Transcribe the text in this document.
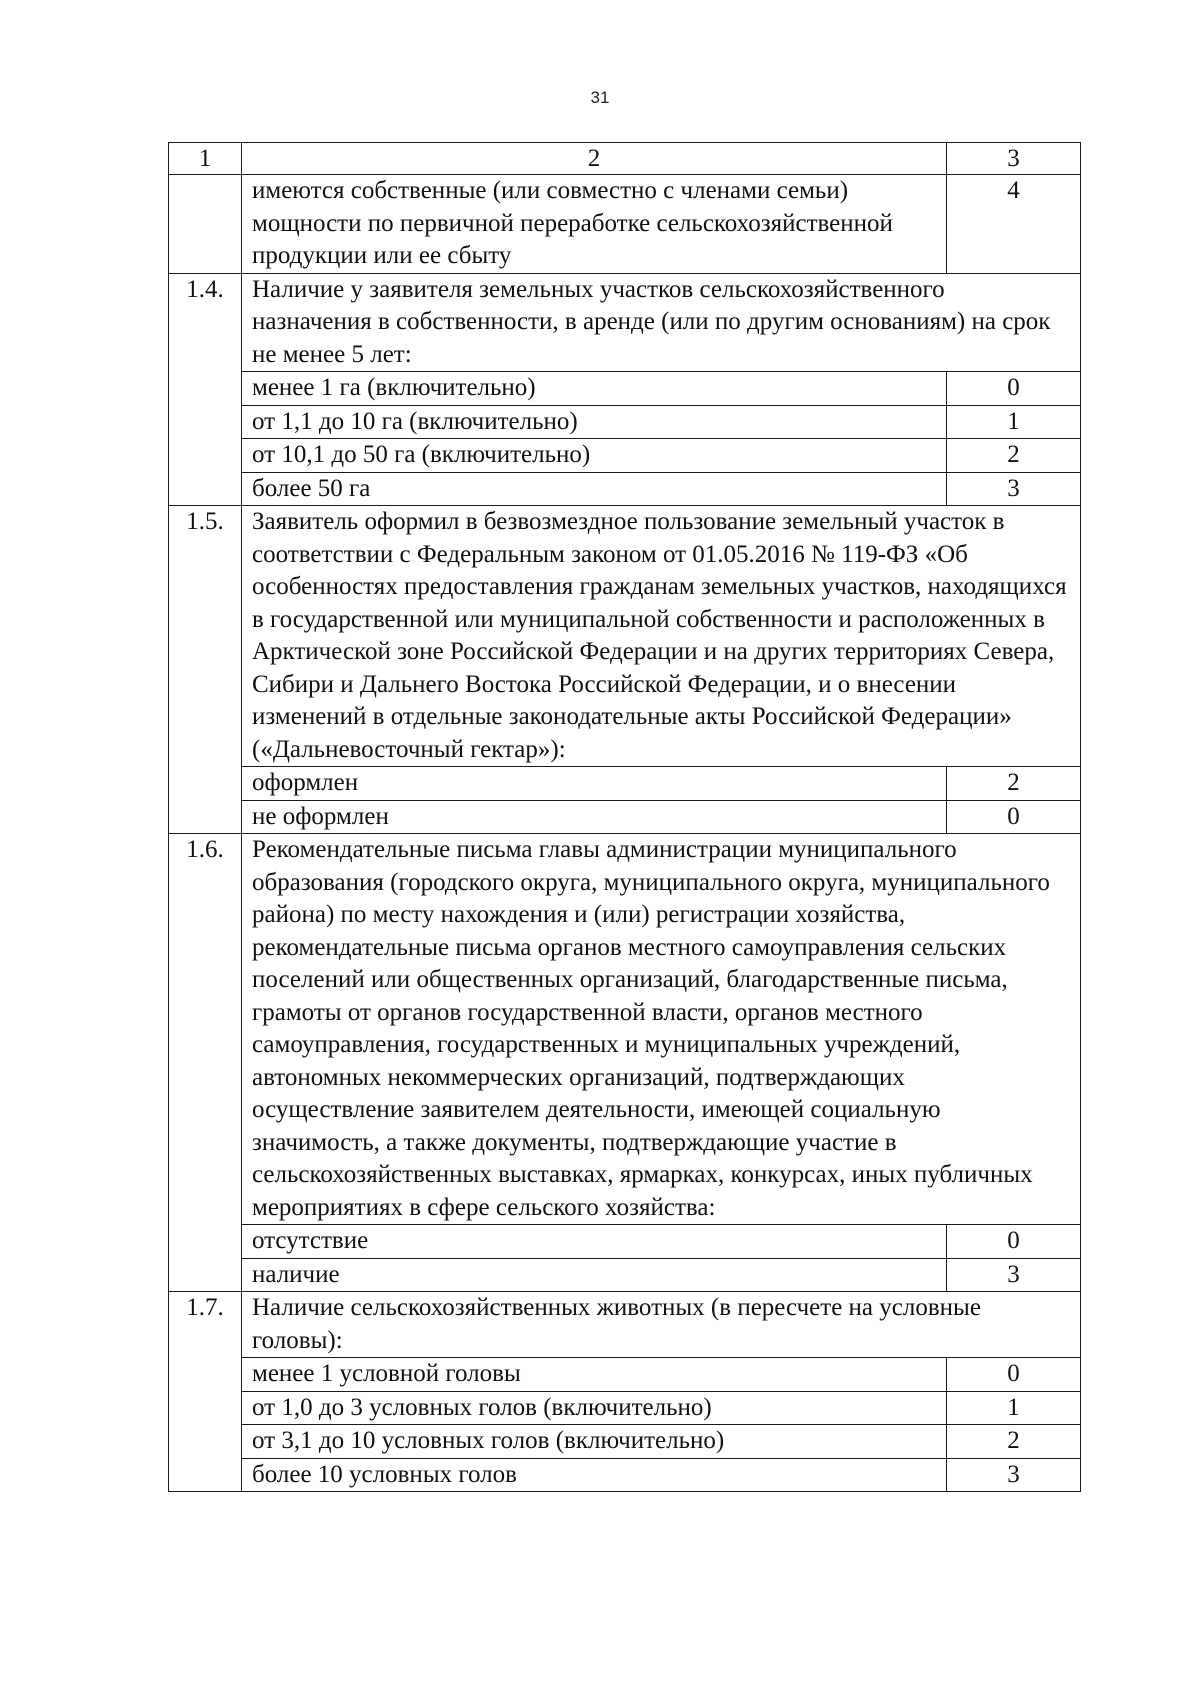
31
1	2	3
	имеются собственные (или совместно с членами семьи) мощности по первичной переработке сельскохозяйственной продукции или ее сбыту	4
1.4.	Наличие у заявителя земельных участков сельскохозяйственного назначения в собственности, в аренде (или по другим основаниям) на срок не менее 5 лет:	
	менее 1 га (включительно)	0
	от 1,1 до 10 га (включительно)	1
	от 10,1 до 50 га (включительно)	2
	более 50 га	3
1.5.	Заявитель оформил в безвозмездное пользование земельный участок в соответствии с Федеральным законом от 01.05.2016 № 119-ФЗ «Об особенностях предоставления гражданам земельных участков, находящихся в государственной или муниципальной собственности и расположенных в Арктической зоне Российской Федерации и на других территориях Севера, Сибири и Дальнего Востока Российской Федерации, и о внесении изменений в отдельные законодательные акты Российской Федерации» («Дальневосточный гектар»):	
	оформлен	2
	не оформлен	0
1.6.	Рекомендательные письма главы администрации муниципального образования (городского округа, муниципального округа, муниципального района) по месту нахождения и (или) регистрации хозяйства, рекомендательные письма органов местного самоуправления сельских поселений или общественных организаций, благодарственные письма, грамоты от органов государственной власти, органов местного самоуправления, государственных и муниципальных учреждений, автономных некоммерческих организаций, подтверждающих осуществление заявителем деятельности, имеющей социальную значимость, а также документы, подтверждающие участие в сельскохозяйственных выставках, ярмарках, конкурсах, иных публичных мероприятиях в сфере сельского хозяйства:	
	отсутствие	0
	наличие	3
1.7.	Наличие сельскохозяйственных животных (в пересчете на условные головы):	
	менее 1 условной головы	0
	от 1,0 до 3 условных голов (включительно)	1
	от 3,1 до 10 условных голов (включительно)	2
	более 10 условных голов	3
